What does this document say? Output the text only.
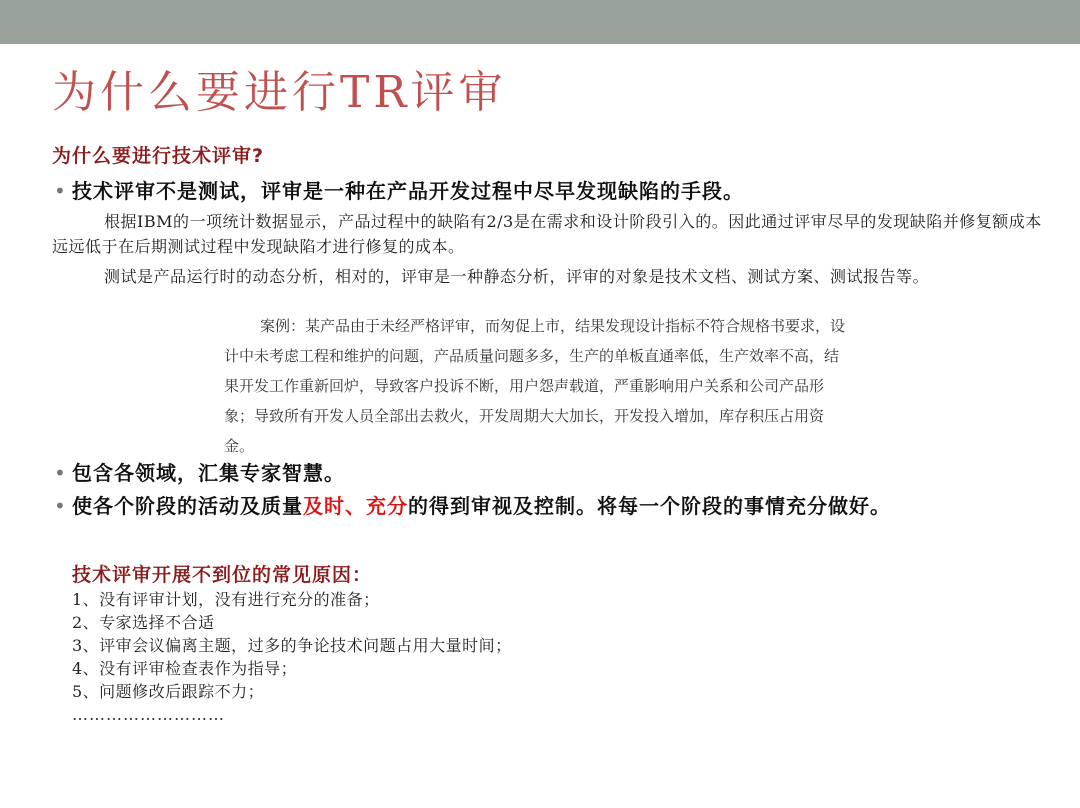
为什么要进行TR评审
为什么要进行技术评审?
• 技术评审不是测试，评审是一种在产品开发过程中尽早发现缺陷的手段。
根据IBM的一项统计数据显示，产品过程中的缺陷有2/3是在需求和设计阶段引入的。因此通过评审尽早的发现缺陷并修复额成本远远低于在后期测试过程中发现缺陷才进行修复的成本。
测试是产品运行时的动态分析，相对的，评审是一种静态分析，评审的对象是技术文档、测试方案、测试报告等。
案例：某产品由于未经严格评审，而匆促上市，结果发现设计指标不符合规格书要求，设
计中未考虑工程和维护的问题，产品质量问题多多，生产的单板直通率低，生产效率不高，结
果开发工作重新回炉，导致客户投诉不断，用户怨声载道，严重影响用户关系和公司产品形
象；导致所有开发人员全部出去救火，开发周期大大加长，开发投入增加，库存积压占用资
金。
• 包含各领域，汇集专家智慧。
• 使各个阶段的活动及质量及时、充分的得到审视及控制。将每一个阶段的事情充分做好。
技术评审开展不到位的常见原因：
1、没有评审计划，没有进行充分的准备；
2、专家选择不合适
3、评审会议偏离主题，过多的争论技术问题占用大量时间；
4、没有评审检查表作为指导；
5、问题修改后跟踪不力；
………………………
